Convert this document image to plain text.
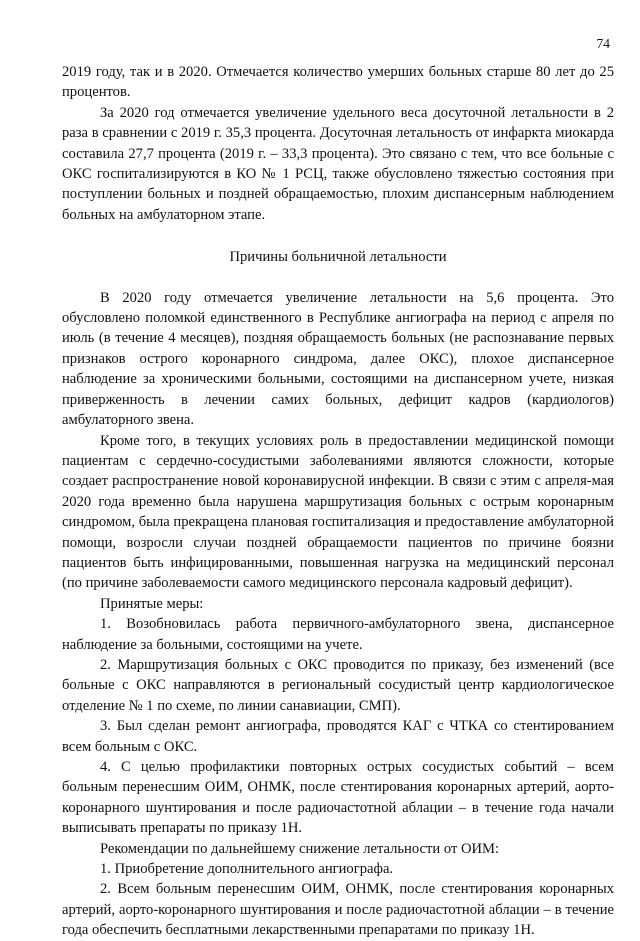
74

2019 году, так и в 2020. Отмечается количество умерших больных старше 80 лет до 25 процентов.

За 2020 год отмечается увеличение удельного веса досуточной летальности в 2 раза в сравнении с 2019 г. 35,3 процента. Досуточная летальность от инфаркта миокарда составила 27,7 процента (2019 г. – 33,3 процента). Это связано с тем, что все больные с ОКС госпитализируются в КО № 1 РСЦ, также обусловлено тяжестью состояния при поступлении больных и поздней обращаемостью, плохим диспансерным наблюдением больных на амбулаторном этапе.

Причины больничной летальности

В 2020 году отмечается увеличение летальности на 5,6 процента. Это обусловлено поломкой единственного в Республике ангиографа на период с апреля по июль (в течение 4 месяцев), поздняя обращаемость больных (не распознавание первых признаков острого коронарного синдрома, далее ОКС), плохое диспансерное наблюдение за хроническими больными, состоящими на диспансерном учете, низкая приверженность в лечении самих больных, дефицит кадров (кардиологов) амбулаторного звена.

Кроме того, в текущих условиях роль в предоставлении медицинской помощи пациентам с сердечно-сосудистыми заболеваниями являются сложности, которые создает распространение новой коронавирусной инфекции. В связи с этим с апреля-мая 2020 года временно была нарушена маршрутизация больных с острым коронарным синдромом, была прекращена плановая госпитализация и предоставление амбулаторной помощи, возросли случаи поздней обращаемости пациентов по причине боязни пациентов быть инфицированными, повышенная нагрузка на медицинский персонал (по причине заболеваемости самого медицинского персонала кадровый дефицит).

Принятые меры:

1. Возобновилась работа первичного-амбулаторного звена, диспансерное наблюдение за больными, состоящими на учете.

2. Маршрутизация больных с ОКС проводится по приказу, без изменений (все больные с ОКС направляются в региональный сосудистый центр кардиологическое отделение № 1 по схеме, по линии санавиации, СМП).

3. Был сделан ремонт ангиографа, проводятся КАГ с ЧТКА со стентированием всем больным с ОКС.

4. С целью профилактики повторных острых сосудистых событий – всем больным перенесшим ОИМ, ОНМК, после стентирования коронарных артерий, аорто-коронарного шунтирования и после радиочастотной аблации – в течение года начали выписывать препараты по приказу 1Н.

Рекомендации по дальнейшему снижение летальности от ОИМ:

1. Приобретение дополнительного ангиографа.

2. Всем больным перенесшим ОИМ, ОНМК, после стентирования коронарных артерий, аорто-коронарного шунтирования и после радиочастотной аблации – в течение года обеспечить бесплатными лекарственными препаратами по приказу 1Н.
